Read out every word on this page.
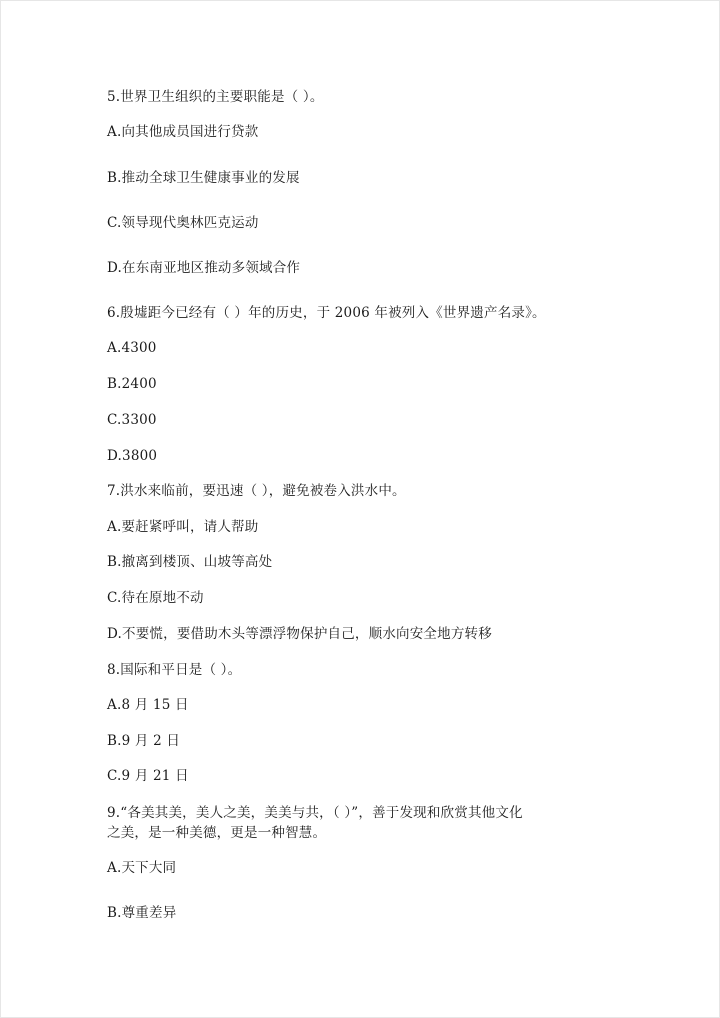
5.世界卫生组织的主要职能是（ ）。
A.向其他成员国进行贷款
B.推动全球卫生健康事业的发展
C.领导现代奥林匹克运动
D.在东南亚地区推动多领域合作
6.殷墟距今已经有（ ）年的历史，于 2006 年被列入《世界遗产名录》。
A.4300
B.2400
C.3300
D.3800
7.洪水来临前，要迅速（ ），避免被卷入洪水中。
A.要赶紧呼叫，请人帮助
B.撤离到楼顶、山坡等高处
C.待在原地不动
D.不要慌，要借助木头等漂浮物保护自己，顺水向安全地方转移
8.国际和平日是（ ）。
A.8 月 15 日
B.9 月 2 日
C.9 月 21 日
9.“各美其美，美人之美，美美与共，（ ）”，善于发现和欣赏其他文化
之美，是一种美德，更是一种智慧。
A.天下大同
B.尊重差异
